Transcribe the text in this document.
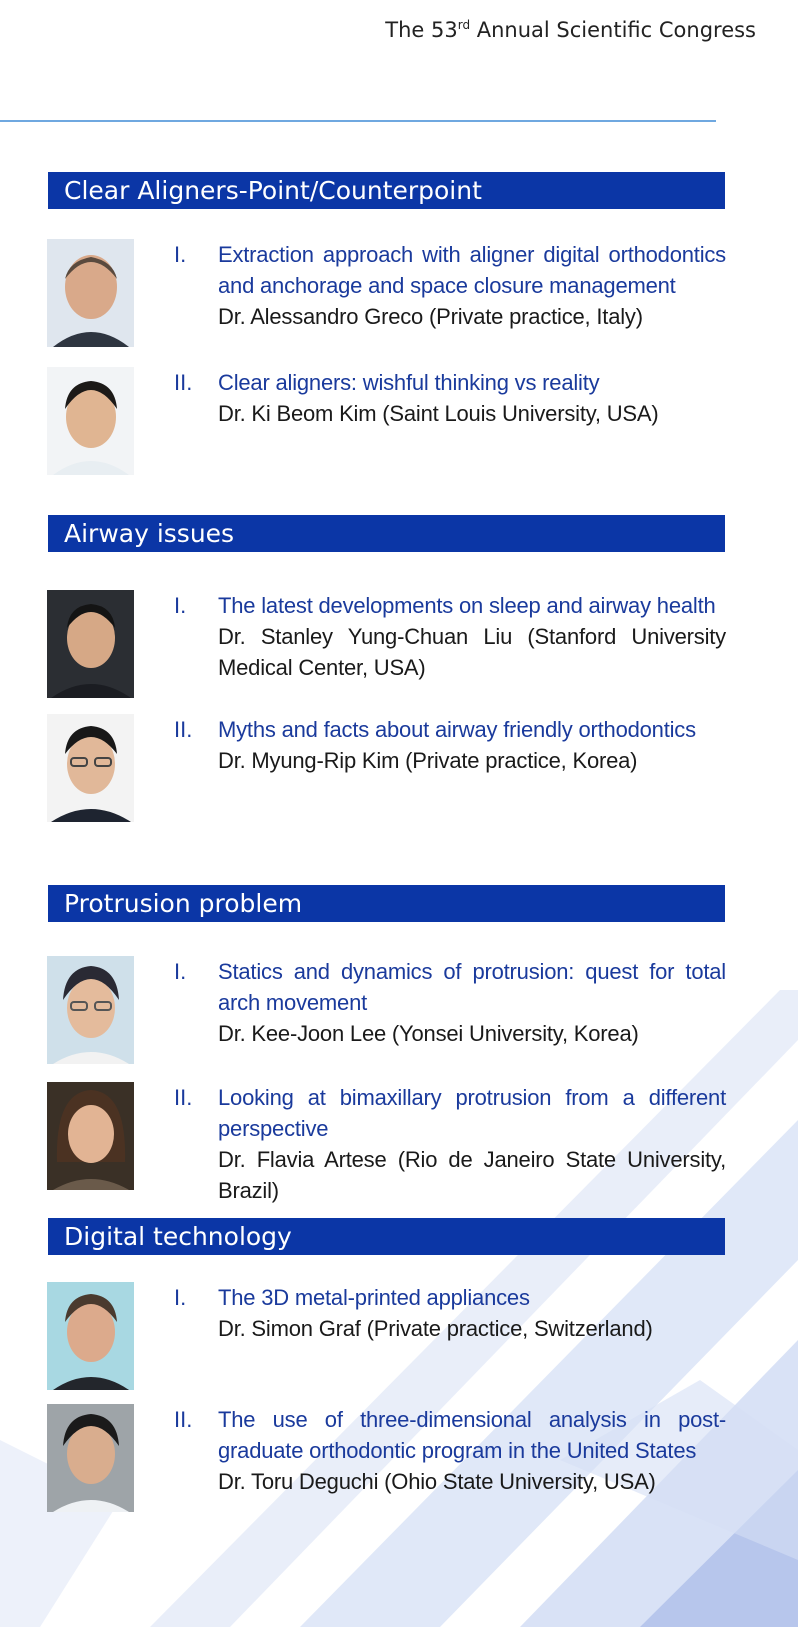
The 53rd Annual Scientific Congress
Clear Aligners-Point/Counterpoint
I. Extraction approach with aligner digital orthodontics and anchorage and space closure management
Dr. Alessandro Greco (Private practice, Italy)
II. Clear aligners: wishful thinking vs reality
Dr. Ki Beom Kim (Saint Louis University, USA)
Airway issues
I. The latest developments on sleep and airway health
Dr. Stanley Yung-Chuan Liu (Stanford University Medical Center, USA)
II. Myths and facts about airway friendly orthodontics
Dr. Myung-Rip Kim (Private practice, Korea)
Protrusion problem
I. Statics and dynamics of protrusion: quest for total arch movement
Dr. Kee-Joon Lee (Yonsei University, Korea)
II. Looking at bimaxillary protrusion from a different perspective
Dr. Flavia Artese (Rio de Janeiro State University, Brazil)
Digital technology
I. The 3D metal-printed appliances
Dr. Simon Graf (Private practice, Switzerland)
II. The use of three-dimensional analysis in post-graduate orthodontic program in the United States
Dr. Toru Deguchi (Ohio State University, USA)
